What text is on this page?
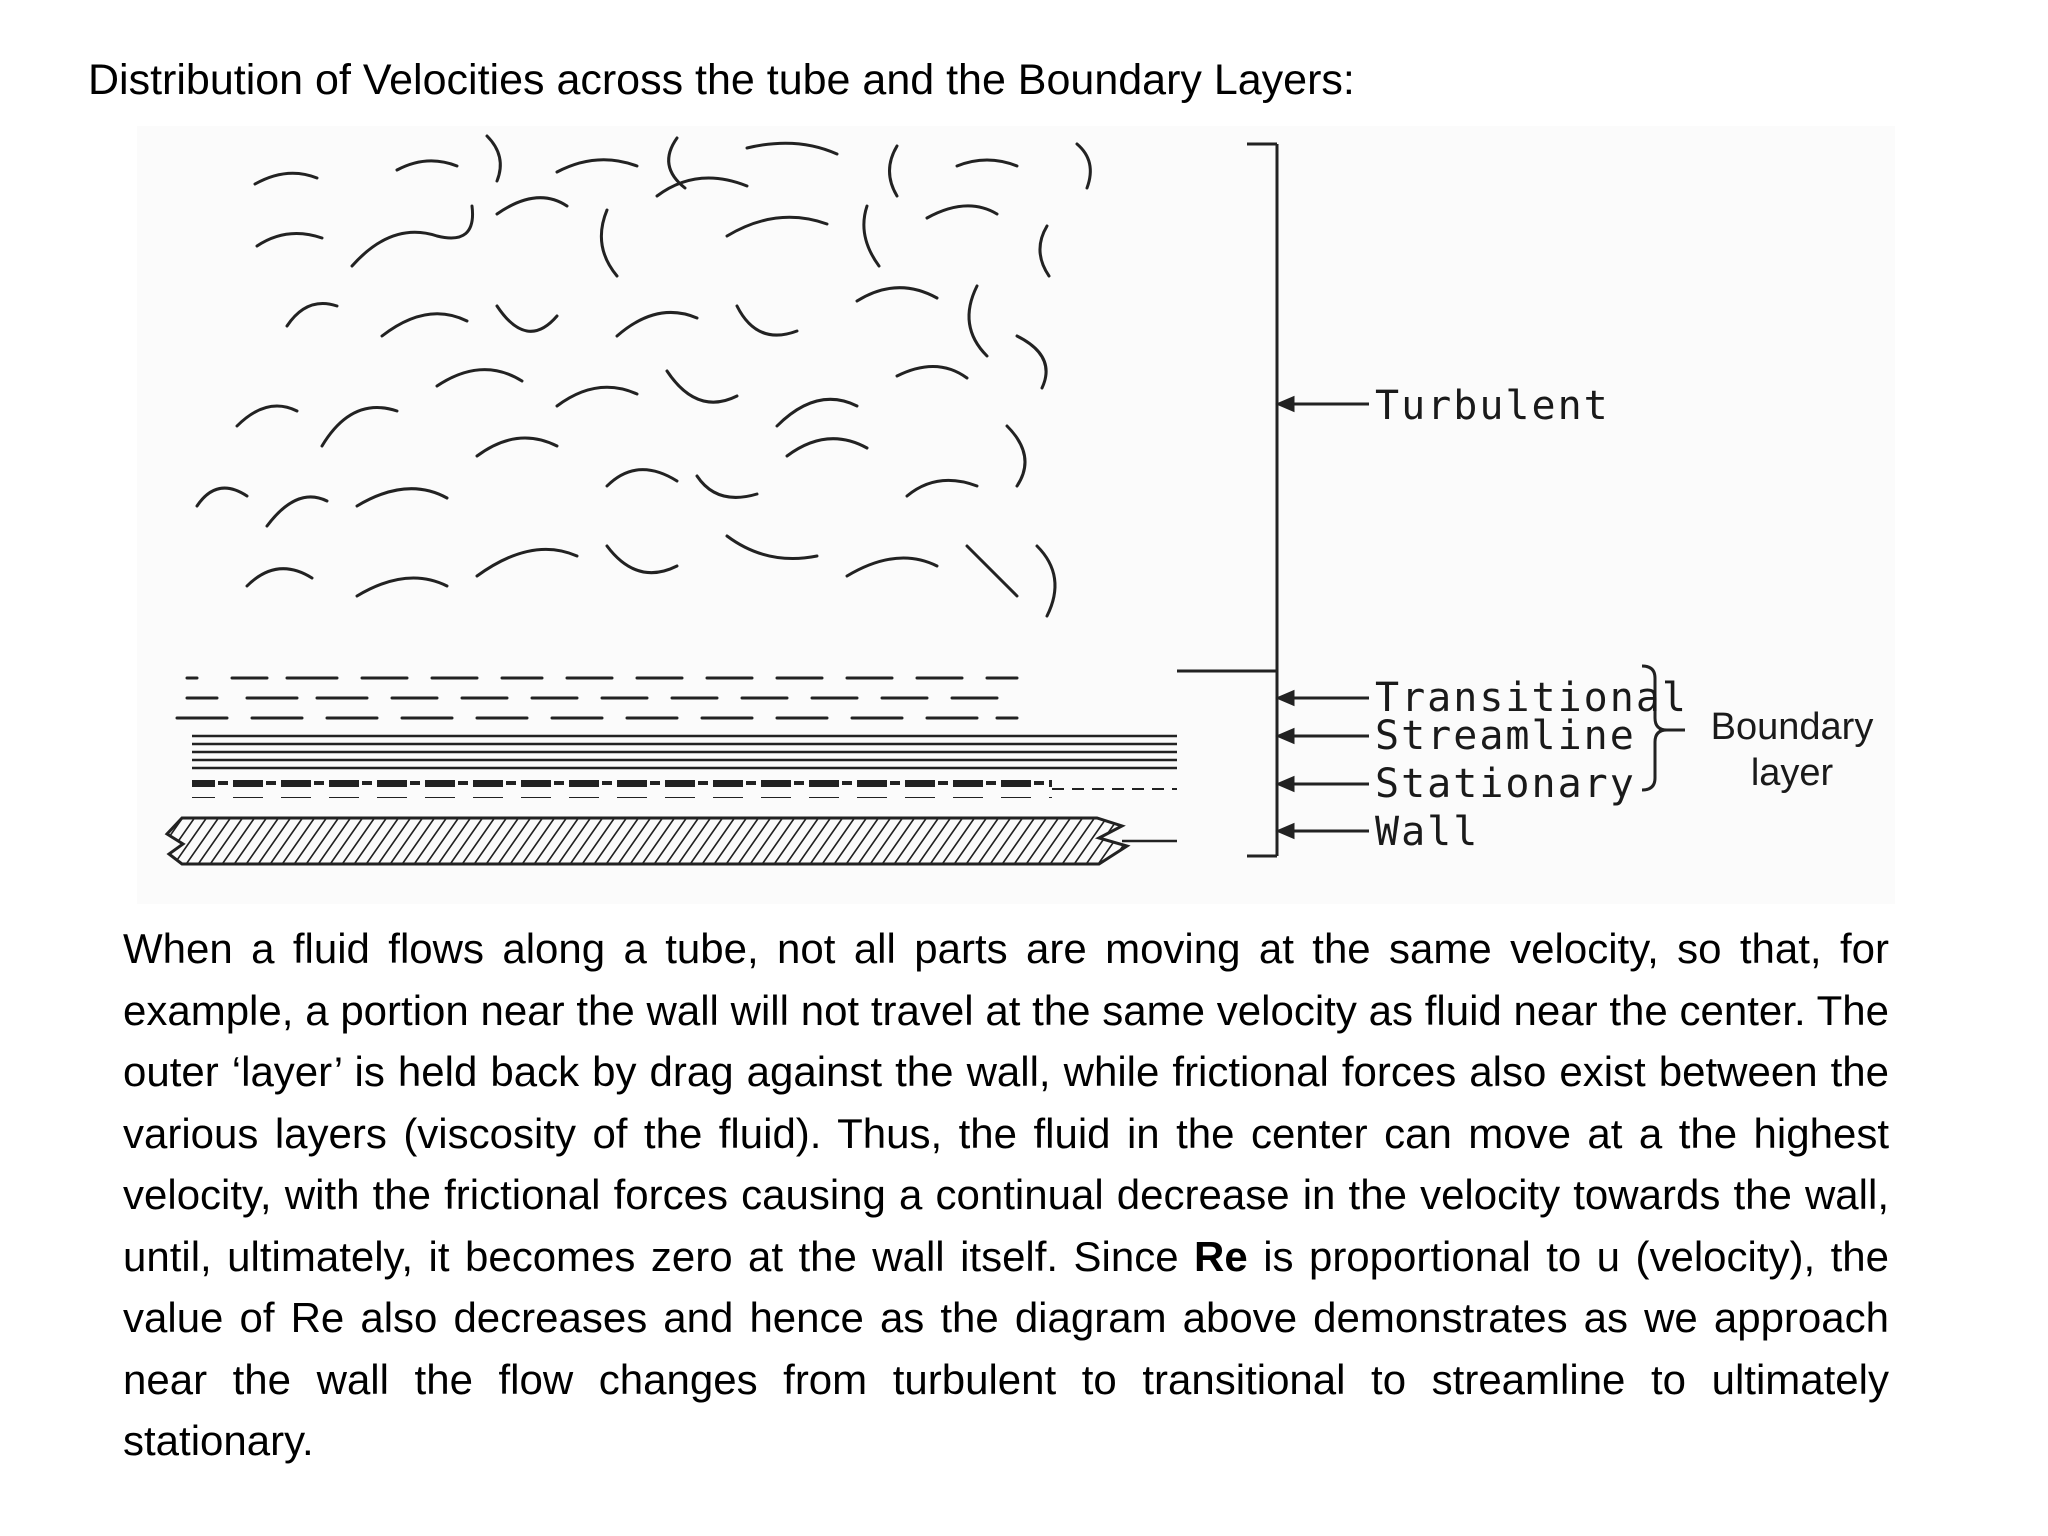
Distribution of Velocities across the tube and the Boundary Layers:
Turbulent
Transitional
Streamline
Stationary
Wall
Boundary
layer
When a fluid flows along a tube, not all parts are moving at the same velocity, so that, for example, a portion near the wall will not travel at the same velocity as fluid near the center. The outer ‘layer’ is held back by drag against the wall, while frictional forces also exist between the various layers (viscosity of the fluid). Thus, the fluid in the center can move at a the highest velocity, with the frictional forces causing a continual decrease in the velocity towards the wall, until, ultimately, it becomes zero at the wall itself. Since Re is proportional to u (velocity), the value of Re also decreases and hence as the diagram above demonstrates as we approach near the wall the flow changes from turbulent to transitional to streamline to ultimately stationary.
